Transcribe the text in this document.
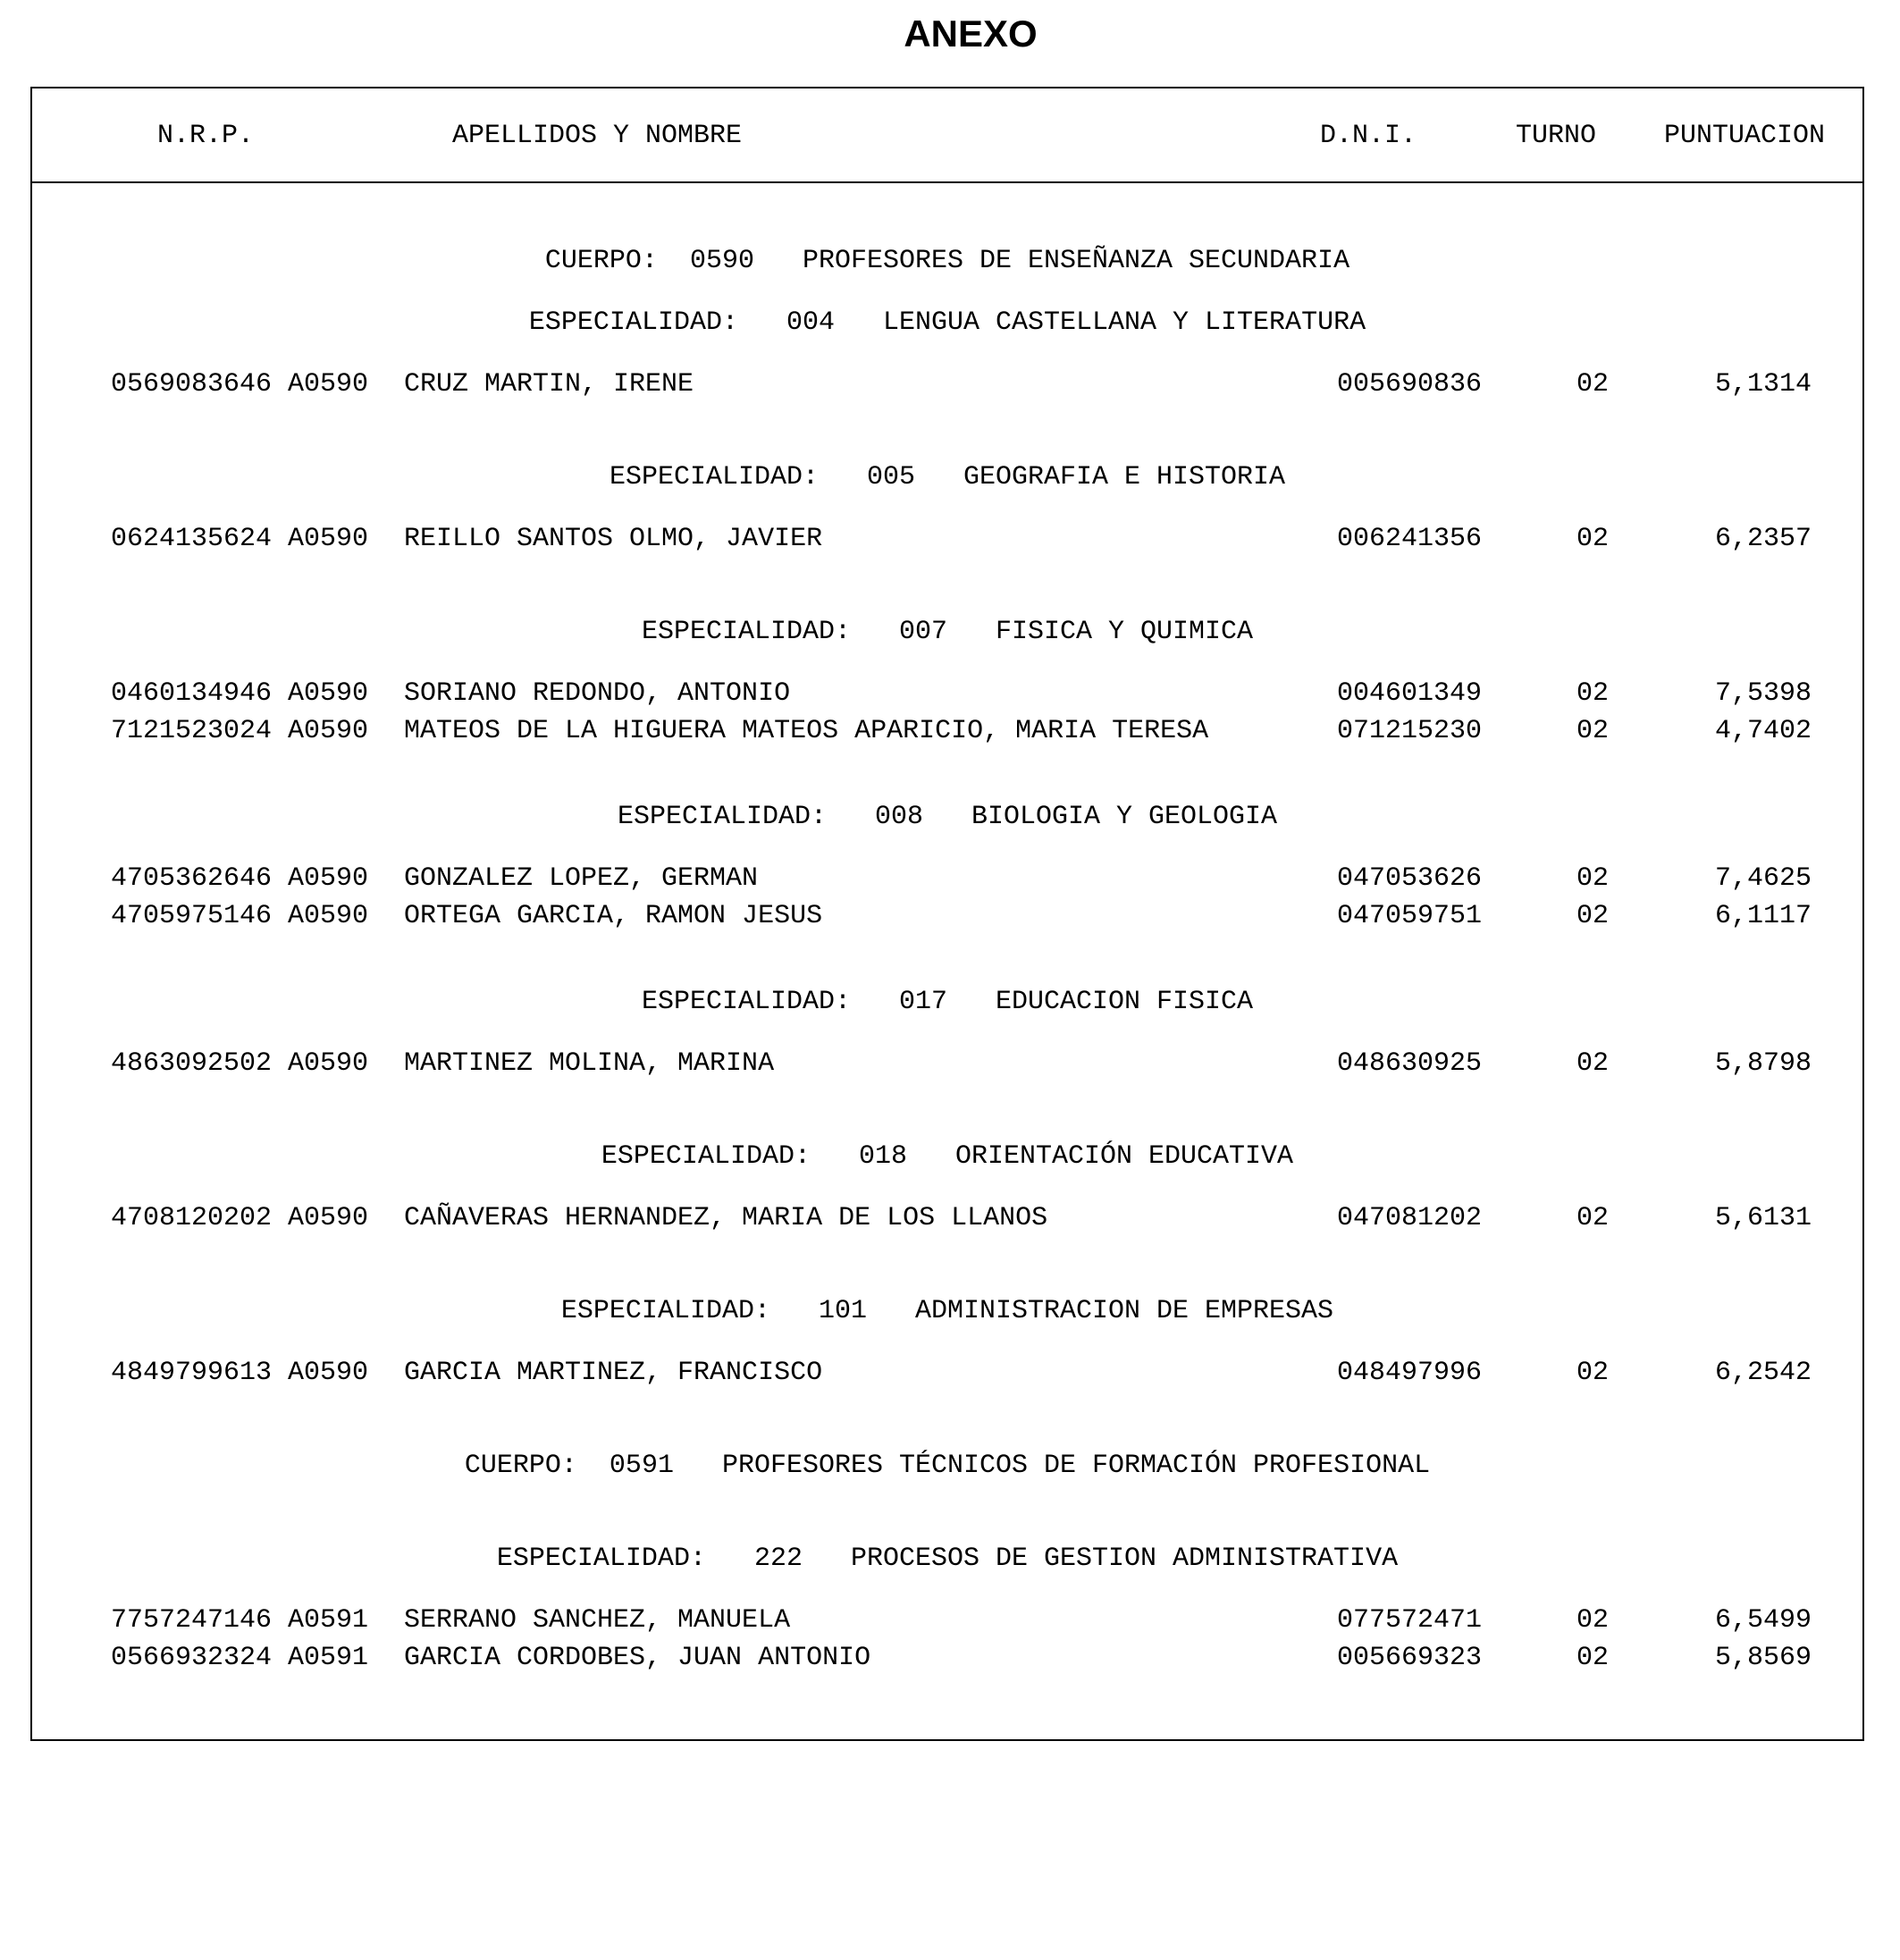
ANEXO
N.R.P.	APELLIDOS Y NOMBRE	D.N.I.	TURNO	PUNTUACION
CUERPO:  0590   PROFESORES DE ENSEÑANZA SECUNDARIA
ESPECIALIDAD:   004   LENGUA CASTELLANA Y LITERATURA
0569083646 A0590 CRUZ MARTIN, IRENE	005690836	02	5,1314
ESPECIALIDAD:   005   GEOGRAFIA E HISTORIA
0624135624 A0590 REILLO SANTOS OLMO, JAVIER	006241356	02	6,2357
ESPECIALIDAD:   007   FISICA Y QUIMICA
0460134946 A0590 SORIANO REDONDO, ANTONIO	004601349	02	7,5398
7121523024 A0590 MATEOS DE LA HIGUERA MATEOS APARICIO, MARIA TERESA	071215230	02	4,7402
ESPECIALIDAD:   008   BIOLOGIA Y GEOLOGIA
4705362646 A0590 GONZALEZ LOPEZ, GERMAN	047053626	02	7,4625
4705975146 A0590 ORTEGA GARCIA, RAMON JESUS	047059751	02	6,1117
ESPECIALIDAD:   017   EDUCACION FISICA
4863092502 A0590 MARTINEZ MOLINA, MARINA	048630925	02	5,8798
ESPECIALIDAD:   018   ORIENTACIÓN EDUCATIVA
4708120202 A0590 CAÑAVERAS HERNANDEZ, MARIA DE LOS LLANOS	047081202	02	5,6131
ESPECIALIDAD:   101   ADMINISTRACION DE EMPRESAS
4849799613 A0590 GARCIA MARTINEZ, FRANCISCO	048497996	02	6,2542
CUERPO:  0591   PROFESORES TÉCNICOS DE FORMACIÓN PROFESIONAL
ESPECIALIDAD:   222   PROCESOS DE GESTION ADMINISTRATIVA
7757247146 A0591 SERRANO SANCHEZ, MANUELA	077572471	02	6,5499
0566932324 A0591 GARCIA CORDOBES, JUAN ANTONIO	005669323	02	5,8569
